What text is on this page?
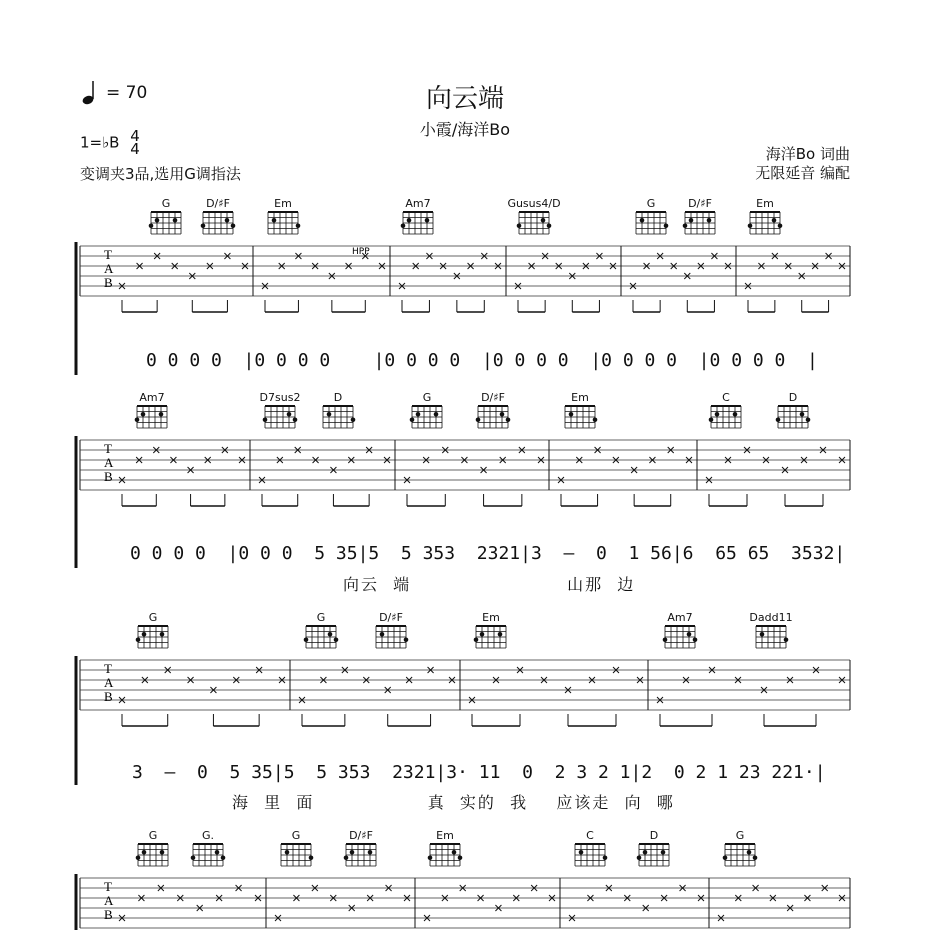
= 70	向云端
小霞/海洋Bo
1=♭B 4
4
变调夹3品,选用G调指法
海洋Bo 词曲
无限延音 编配
T
A
B
T
A
B
T
A
B
T
A
B
HPP
G	D/♯F	Em	Am7	Gusus4/D	G	D/♯F	Em
Am7	D7sus2	D	G	D/♯F	Em	C	D
G	G	D/♯F	Em	Am7	Dadd11
G	G.	G	D/♯F	Em	C	D	G
0 0 0 0  |0 0 0 0    |0 0 0 0  |0 0 0 0  |0 0 0 0  |0 0 0 0  |
0 0 0 0  |0 0 0  5 35|5  5 353  2321|3  –  0  1 56|6  65 65  3532|
向云  端                      山那  边
3  –  0  5 35|5  5 353  2321|3· 11  0  2 3 2 1|2  0 2 1 23 221·|
海  里  面                真  实的  我    应该走  向  哪
